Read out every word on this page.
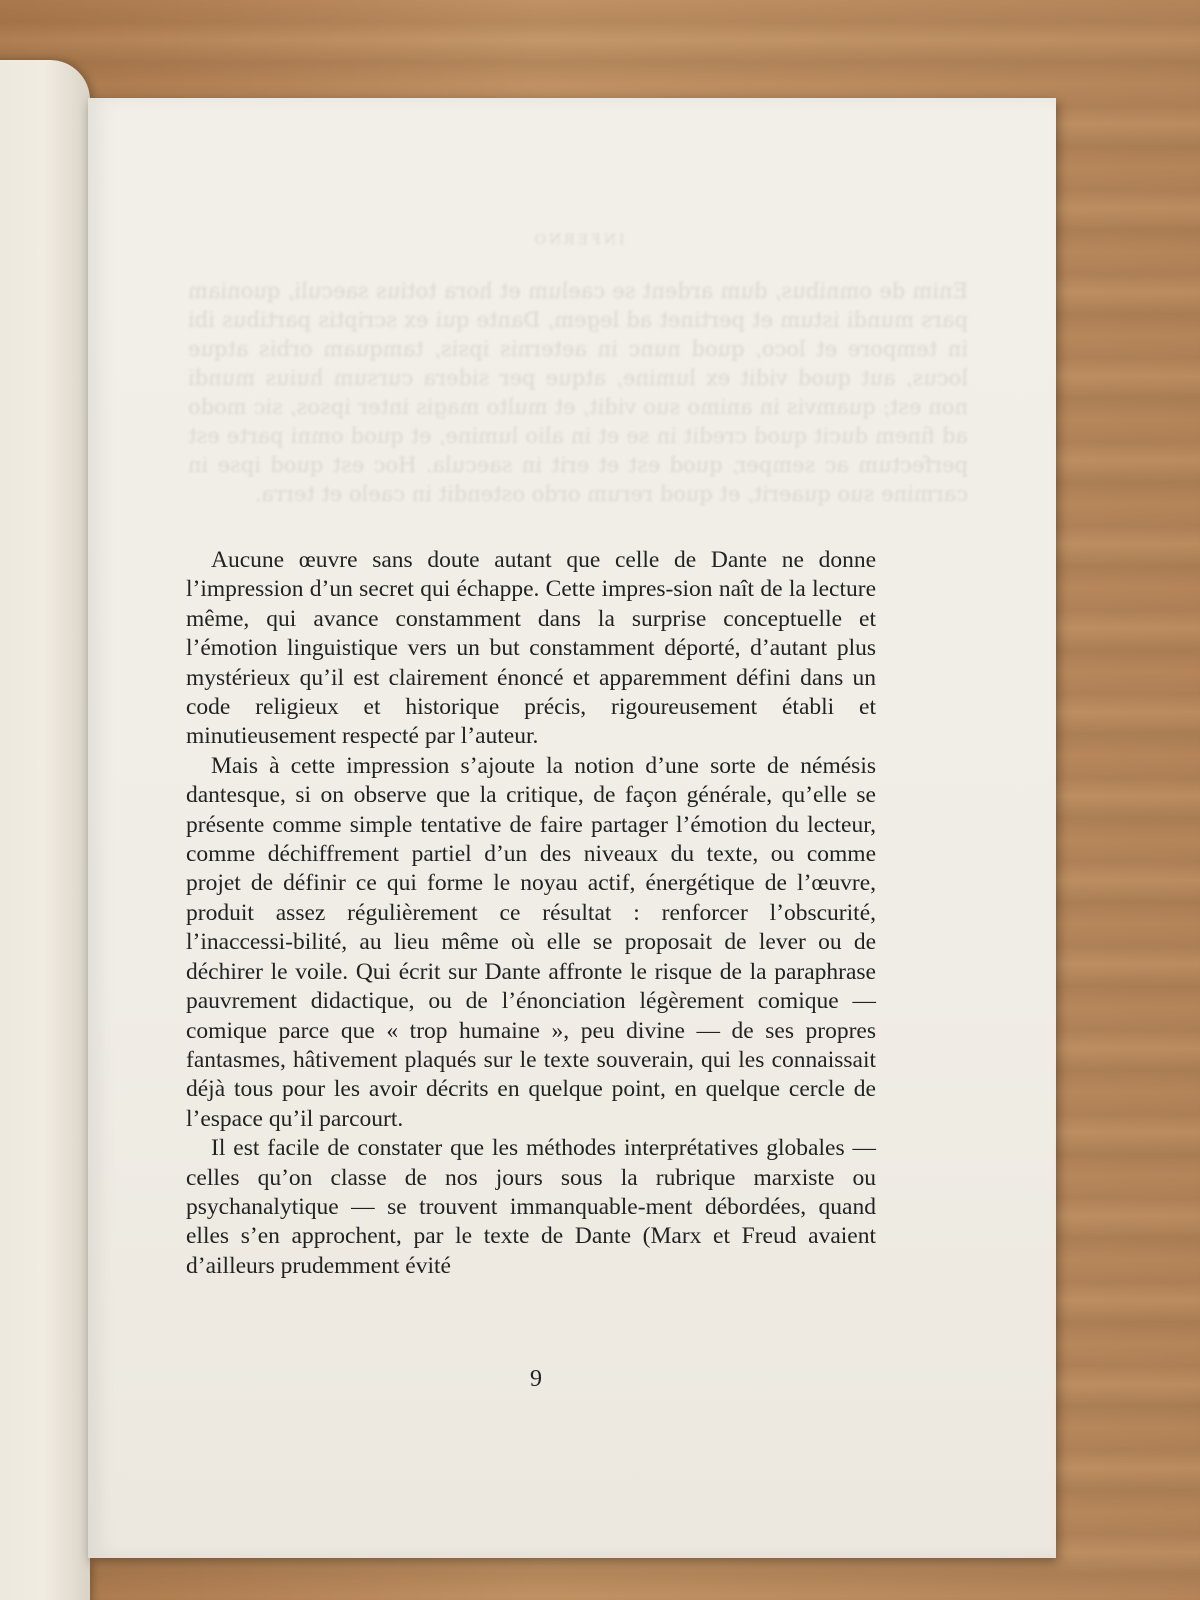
INFERNO
Enim de omnibus, dum ardent se caelum et hora totius saeculi, quoniam pars mundi istum et pertinet ad legem, Dante qui ex scriptis partibus ibi in tempore et loco, quod nunc in aeternis ipsis, tamquam orbis atque locus, aut quod vidit ex lumine, atque per sidera cursum huius mundi non est; quamvis in animo suo vidit, et multo magis inter ipsos, sic modo ad finem ducit quod credit in se et in alio lumine, et quod omni parte est perfectum ac semper, quod est et erit in saecula. Hoc est quod ipse in carmine suo quaerit, et quod rerum ordo ostendit in caelo et terra.

Aucune œuvre sans doute autant que celle de Dante ne donne l’impression d’un secret qui échappe. Cette impres-sion naît de la lecture même, qui avance constamment dans la surprise conceptuelle et l’émotion linguistique vers un but constamment déporté, d’autant plus mystérieux qu’il est clairement énoncé et apparemment défini dans un code religieux et historique précis, rigoureusement établi et minutieusement respecté par l’auteur.

Mais à cette impression s’ajoute la notion d’une sorte de némésis dantesque, si on observe que la critique, de façon générale, qu’elle se présente comme simple tentative de faire partager l’émotion du lecteur, comme déchiffrement partiel d’un des niveaux du texte, ou comme projet de définir ce qui forme le noyau actif, énergétique de l’œuvre, produit assez régulièrement ce résultat : renforcer l’obscurité, l’inaccessi-bilité, au lieu même où elle se proposait de lever ou de déchirer le voile. Qui écrit sur Dante affronte le risque de la paraphrase pauvrement didactique, ou de l’énonciation légèrement comique — comique parce que « trop humaine », peu divine — de ses propres fantasmes, hâtivement plaqués sur le texte souverain, qui les connaissait déjà tous pour les avoir décrits en quelque point, en quelque cercle de l’espace qu’il parcourt.

Il est facile de constater que les méthodes interprétatives globales — celles qu’on classe de nos jours sous la rubrique marxiste ou psychanalytique — se trouvent immanquable-ment débordées, quand elles s’en approchent, par le texte de Dante (Marx et Freud avaient d’ailleurs prudemment évité

9
